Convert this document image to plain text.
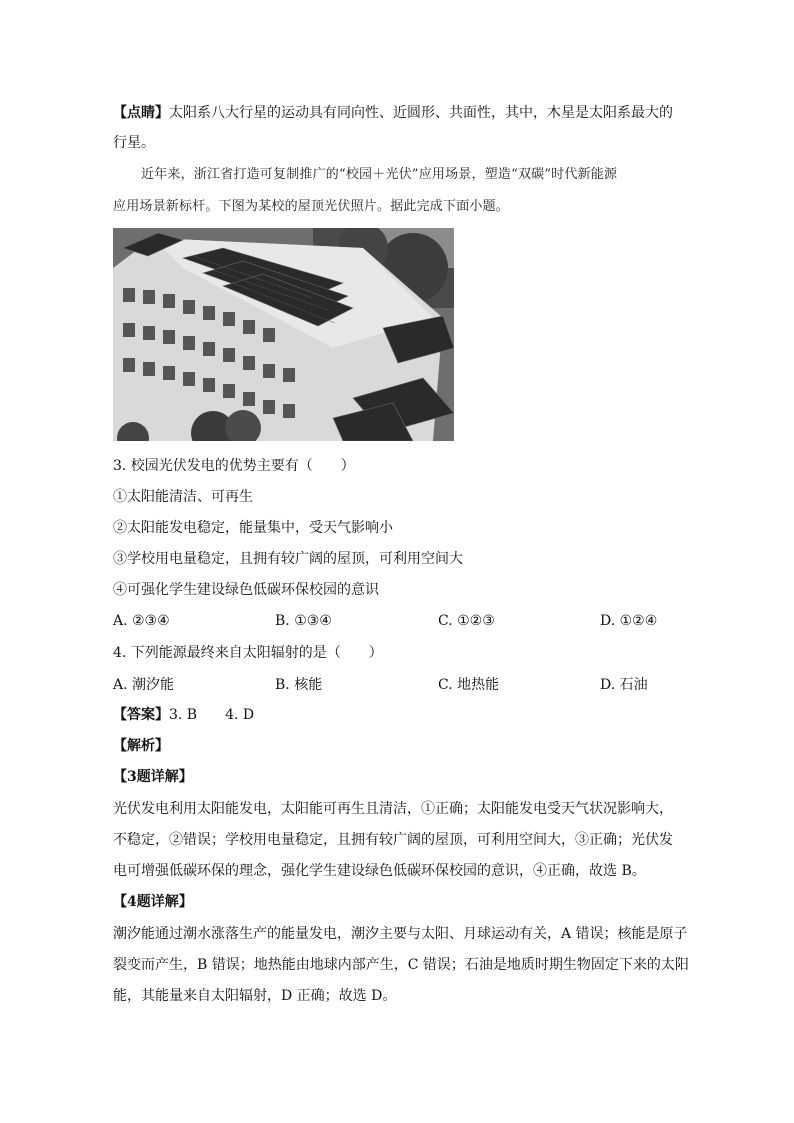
【点睛】太阳系八大行星的运动具有同向性、近圆形、共面性，其中，木星是太阳系最大的
行星。
近年来，浙江省打造可复制推广的“校园＋光伏”应用场景，塑造“双碳”时代新能源
应用场景新标杆。下图为某校的屋顶光伏照片。据此完成下面小题。
3. 校园光伏发电的优势主要有（　　）
①太阳能清洁、可再生
②太阳能发电稳定，能量集中，受天气影响小
③学校用电量稳定，且拥有较广阔的屋顶，可利用空间大
④可强化学生建设绿色低碳环保校园的意识
A. ②③④	B. ①③④	C. ①②③	D. ①②④
4. 下列能源最终来自太阳辐射的是（　　）
A. 潮汐能	B. 核能	C. 地热能	D. 石油
【答案】3. B　　4. D
【解析】
【3题详解】
光伏发电利用太阳能发电，太阳能可再生且清洁，①正确；太阳能发电受天气状况影响大，
不稳定，②错误；学校用电量稳定，且拥有较广阔的屋顶，可利用空间大，③正确；光伏发
电可增强低碳环保的理念，强化学生建设绿色低碳环保校园的意识，④正确，故选 B。
【4题详解】
潮汐能通过潮水涨落生产的能量发电，潮汐主要与太阳、月球运动有关，A 错误；核能是原子
裂变而产生，B 错误；地热能由地球内部产生，C 错误；石油是地质时期生物固定下来的太阳
能，其能量来自太阳辐射，D 正确；故选 D。
